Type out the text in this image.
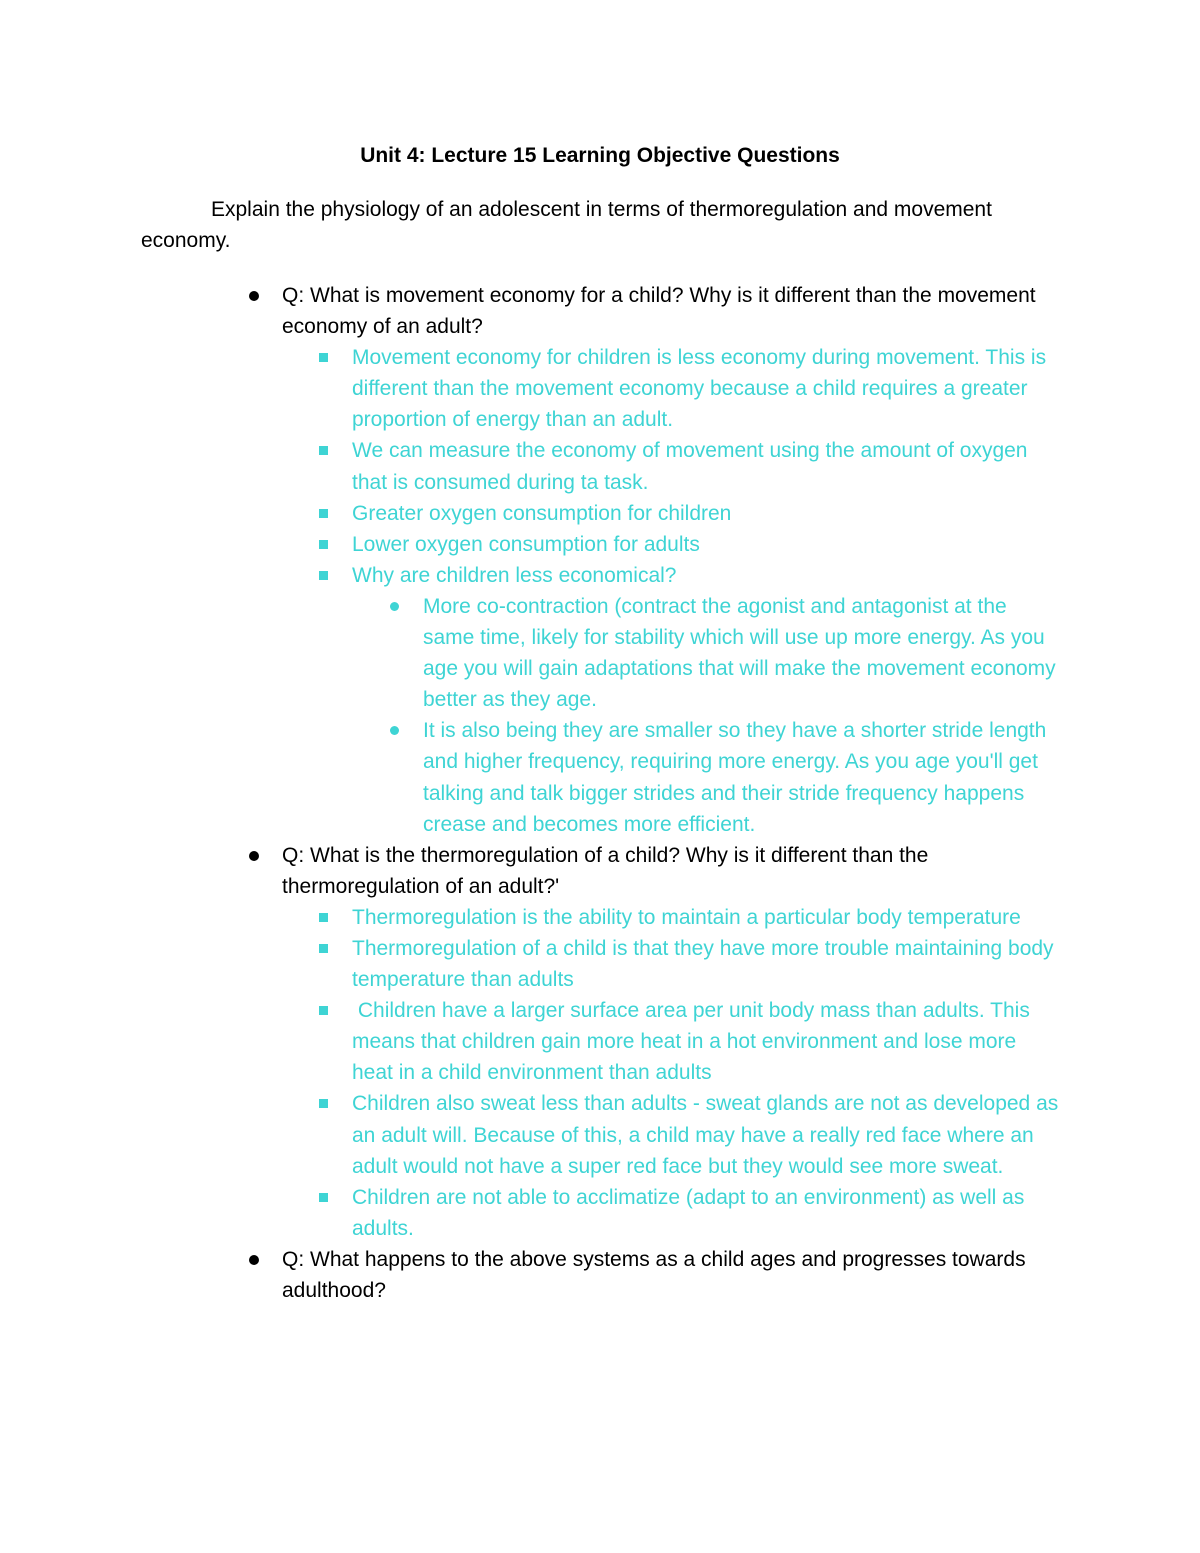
Unit 4: Lecture 15 Learning Objective Questions
Explain the physiology of an adolescent in terms of thermoregulation and movement economy.
Q: What is movement economy for a child? Why is it different than the movement economy of an adult?
Movement economy for children is less economy during movement. This is different than the movement economy because a child requires a greater proportion of energy than an adult.
We can measure the economy of movement using the amount of oxygen that is consumed during ta task.
Greater oxygen consumption for children
Lower oxygen consumption for adults
Why are children less economical?
More co-contraction (contract the agonist and antagonist at the same time, likely for stability which will use up more energy. As you age you will gain adaptations that will make the movement economy better as they age.
It is also being they are smaller so they have a shorter stride length and higher frequency, requiring more energy. As you age you'll get talking and talk bigger strides and their stride frequency happens crease and becomes more efficient.
Q: What is the thermoregulation of a child? Why is it different than the thermoregulation of an adult?'
Thermoregulation is the ability to maintain a particular body temperature
Thermoregulation of a child is that they have more trouble maintaining body temperature than adults
Children have a larger surface area per unit body mass than adults. This means that children gain more heat in a hot environment and lose more heat in a child environment than adults
Children also sweat less than adults - sweat glands are not as developed as an adult will. Because of this, a child may have a really red face where an adult would not have a super red face but they would see more sweat.
Children are not able to acclimatize (adapt to an environment) as well as adults.
Q: What happens to the above systems as a child ages and progresses towards adulthood?
